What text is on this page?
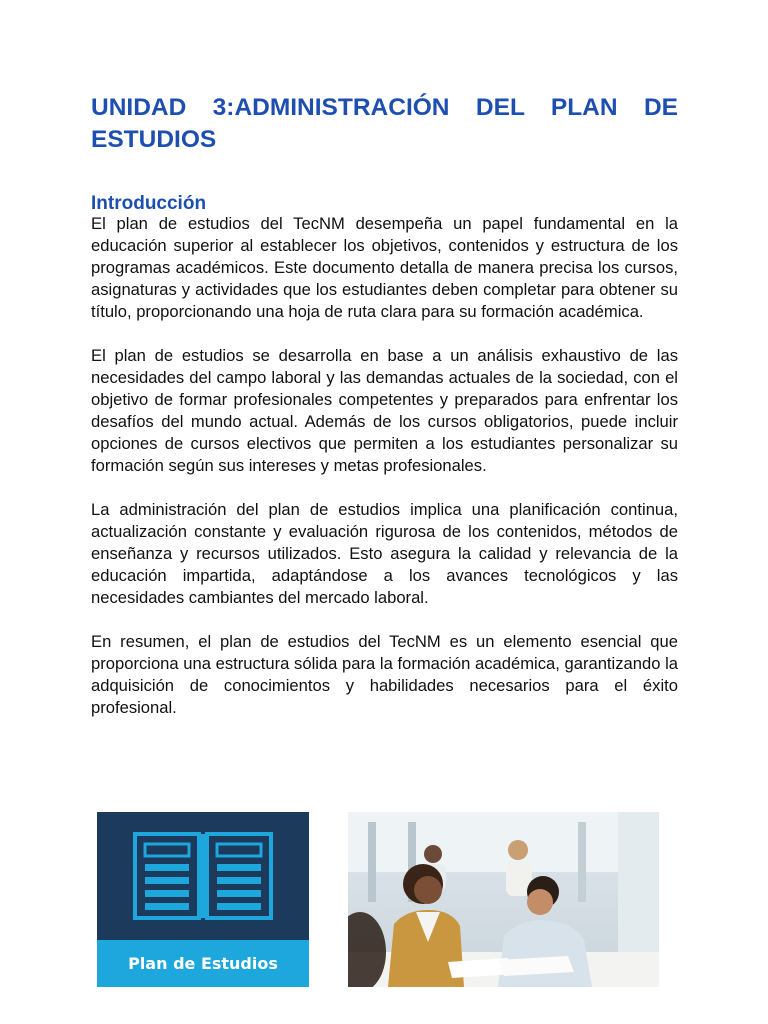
UNIDAD 3:ADMINISTRACIÓN DEL PLAN DE ESTUDIOS
Introducción

El plan de estudios del TecNM desempeña un papel fundamental en la educación superior al establecer los objetivos, contenidos y estructura de los programas académicos. Este documento detalla de manera precisa los cursos, asignaturas y actividades que los estudiantes deben completar para obtener su título, proporcionando una hoja de ruta clara para su formación académica.

El plan de estudios se desarrolla en base a un análisis exhaustivo de las necesidades del campo laboral y las demandas actuales de la sociedad, con el objetivo de formar profesionales competentes y preparados para enfrentar los desafíos del mundo actual. Además de los cursos obligatorios, puede incluir opciones de cursos electivos que permiten a los estudiantes personalizar su formación según sus intereses y metas profesionales.

La administración del plan de estudios implica una planificación continua, actualización constante y evaluación rigurosa de los contenidos, métodos de enseñanza y recursos utilizados. Esto asegura la calidad y relevancia de la educación impartida, adaptándose a los avances tecnológicos y las necesidades cambiantes del mercado laboral.

En resumen, el plan de estudios del TecNM es un elemento esencial que proporciona una estructura sólida para la formación académica, garantizando la adquisición de conocimientos y habilidades necesarios para el éxito profesional.

Plan de Estudios
